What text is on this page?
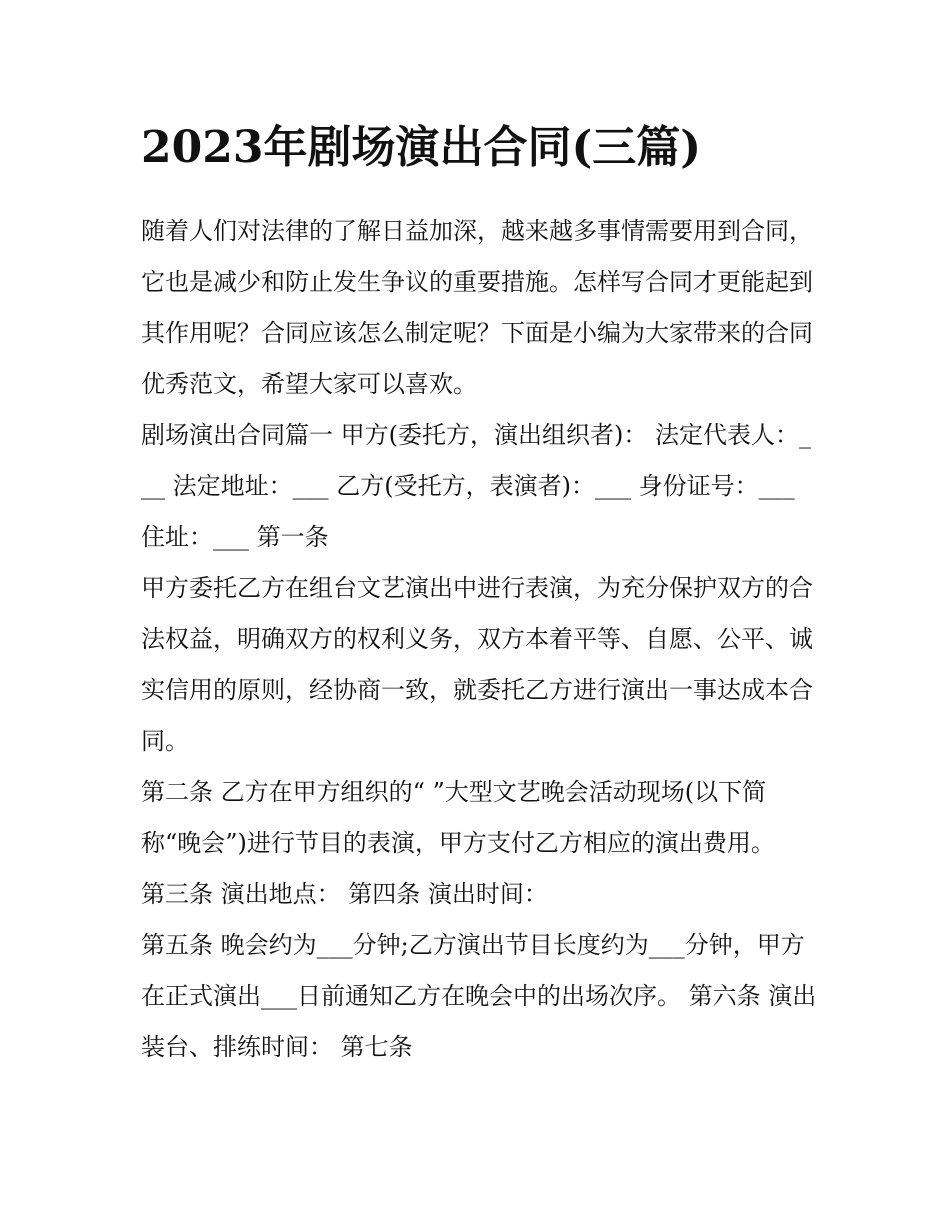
2023年剧场演出合同(三篇)

随着人们对法律的了解日益加深，越来越多事情需要用到合同，它也是减少和防止发生争议的重要措施。怎样写合同才更能起到其作用呢？合同应该怎么制定呢？下面是小编为大家带来的合同优秀范文，希望大家可以喜欢。

剧场演出合同篇一 甲方(委托方，演出组织者)： 法定代表人：___ 法定地址：___ 乙方(受托方，表演者)：___ 身份证号：___

住址：___ 第一条

甲方委托乙方在组台文艺演出中进行表演，为充分保护双方的合法权益，明确双方的权利义务，双方本着平等、自愿、公平、诚实信用的原则，经协商一致，就委托乙方进行演出一事达成本合同。

第二条 乙方在甲方组织的“ ”大型文艺晚会活动现场(以下简称“晚会”)进行节目的表演，甲方支付乙方相应的演出费用。

第三条 演出地点： 第四条 演出时间：

第五条 晚会约为___分钟;乙方演出节目长度约为___分钟，甲方在正式演出___日前通知乙方在晚会中的出场次序。 第六条 演出装台、排练时间： 第七条
